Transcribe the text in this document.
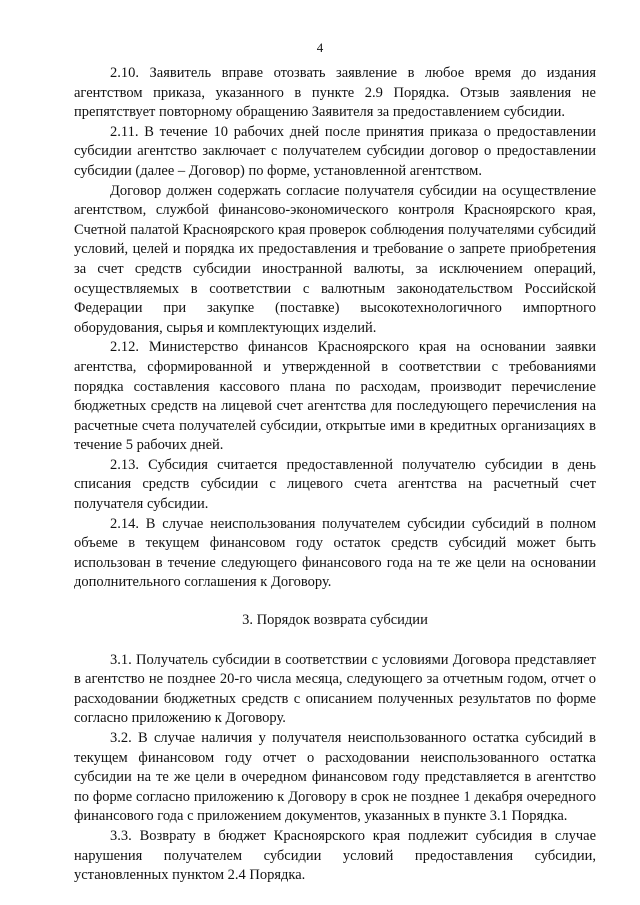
4

2.10. Заявитель вправе отозвать заявление в любое время до издания агентством приказа, указанного в пункте 2.9 Порядка. Отзыв заявления не препятствует повторному обращению Заявителя за предоставлением субсидии.

2.11. В течение 10 рабочих дней после принятия приказа о предоставлении субсидии агентство заключает с получателем субсидии договор о предоставлении субсидии (далее – Договор) по форме, установленной агентством.

Договор должен содержать согласие получателя субсидии на осуществление агентством, службой финансово-экономического контроля Красноярского края, Счетной палатой Красноярского края проверок соблюдения получателями субсидий условий, целей и порядка их предоставления и требование о запрете приобретения за счет средств субсидии иностранной валюты, за исключением операций, осуществляемых в соответствии с валютным законодательством Российской Федерации при закупке (поставке) высокотехнологичного импортного оборудования, сырья и комплектующих изделий.

2.12. Министерство финансов Красноярского края на основании заявки агентства, сформированной и утвержденной в соответствии с требованиями порядка составления кассового плана по расходам, производит перечисление бюджетных средств на лицевой счет агентства для последующего перечисления на расчетные счета получателей субсидии, открытые ими в кредитных организациях в течение 5 рабочих дней.

2.13. Субсидия считается предоставленной получателю субсидии в день списания средств субсидии с лицевого счета агентства на расчетный счет получателя субсидии.

2.14. В случае неиспользования получателем субсидии субсидий в полном объеме в текущем финансовом году остаток средств субсидий может быть использован в течение следующего финансового года на те же цели на основании дополнительного соглашения к Договору.

3. Порядок возврата субсидии

3.1. Получатель субсидии в соответствии с условиями Договора представляет в агентство не позднее 20-го числа месяца, следующего за отчетным годом, отчет о расходовании бюджетных средств с описанием полученных результатов по форме согласно приложению к Договору.

3.2. В случае наличия у получателя неиспользованного остатка субсидий в текущем финансовом году отчет о расходовании неиспользованного остатка субсидии на те же цели в очередном финансовом году представляется в агентство по форме согласно приложению к Договору в срок не позднее 1 декабря очередного финансового года с приложением документов, указанных в пункте 3.1 Порядка.

3.3. Возврату в бюджет Красноярского края подлежит субсидия в случае нарушения получателем субсидии условий предоставления субсидии, установленных пунктом 2.4 Порядка.
